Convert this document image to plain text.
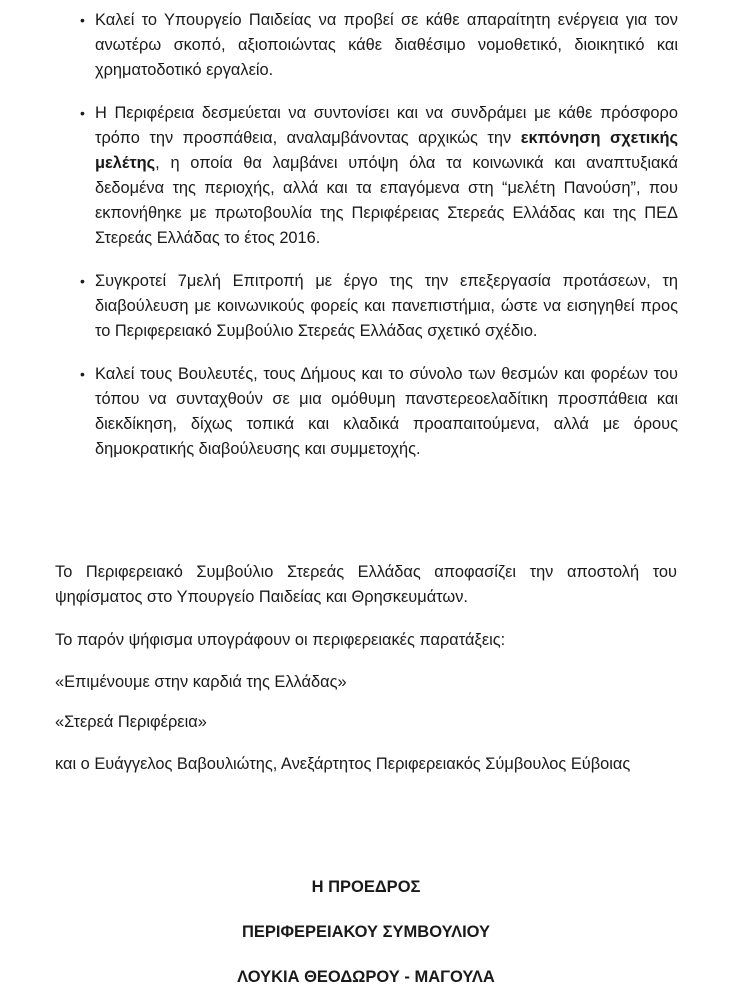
• Καλεί το Υπουργείο Παιδείας να προβεί σε κάθε απαραίτητη ενέργεια για τον ανωτέρω σκοπό, αξιοποιώντας κάθε διαθέσιμο νομοθετικό, διοικητικό και χρηματοδοτικό εργαλείο.
• Η Περιφέρεια δεσμεύεται να συντονίσει και να συνδράμει με κάθε πρόσφορο τρόπο την προσπάθεια, αναλαμβάνοντας αρχικώς την εκπόνηση σχετικής μελέτης, η οποία θα λαμβάνει υπόψη όλα τα κοινωνικά και αναπτυξιακά δεδομένα της περιοχής, αλλά και τα επαγόμενα στη “μελέτη Πανούση”, που εκπονήθηκε με πρωτοβουλία της Περιφέρειας Στερεάς Ελλάδας και της ΠΕΔ Στερεάς Ελλάδας το έτος 2016.
• Συγκροτεί 7μελή Επιτροπή με έργο της την επεξεργασία προτάσεων, τη διαβούλευση με κοινωνικούς φορείς και πανεπιστήμια, ώστε να εισηγηθεί προς το Περιφερειακό Συμβούλιο Στερεάς Ελλάδας σχετικό σχέδιο.
• Καλεί τους Βουλευτές, τους Δήμους και το σύνολο των θεσμών και φορέων του τόπου να συνταχθούν σε μια ομόθυμη πανστερεοελαδίτικη προσπάθεια και διεκδίκηση, δίχως τοπικά και κλαδικά προαπαιτούμενα, αλλά με όρους δημοκρατικής διαβούλευσης και συμμετοχής.
Το Περιφερειακό Συμβούλιο Στερεάς Ελλάδας αποφασίζει την αποστολή του ψηφίσματος στο Υπουργείο Παιδείας και Θρησκευμάτων.
Το παρόν ψήφισμα υπογράφουν οι περιφερειακές παρατάξεις:
«Επιμένουμε στην καρδιά της Ελλάδας»
«Στερεά Περιφέρεια»
και ο Ευάγγελος Βαβουλιώτης, Ανεξάρτητος Περιφερειακός Σύμβουλος Εύβοιας
Η ΠΡΟΕΔΡΟΣ
ΠΕΡΙΦΕΡΕΙΑΚΟΥ ΣΥΜΒΟΥΛΙΟΥ
ΛΟΥΚΙΑ ΘΕΟΔΩΡΟΥ - ΜΑΓΟΥΛΑ
